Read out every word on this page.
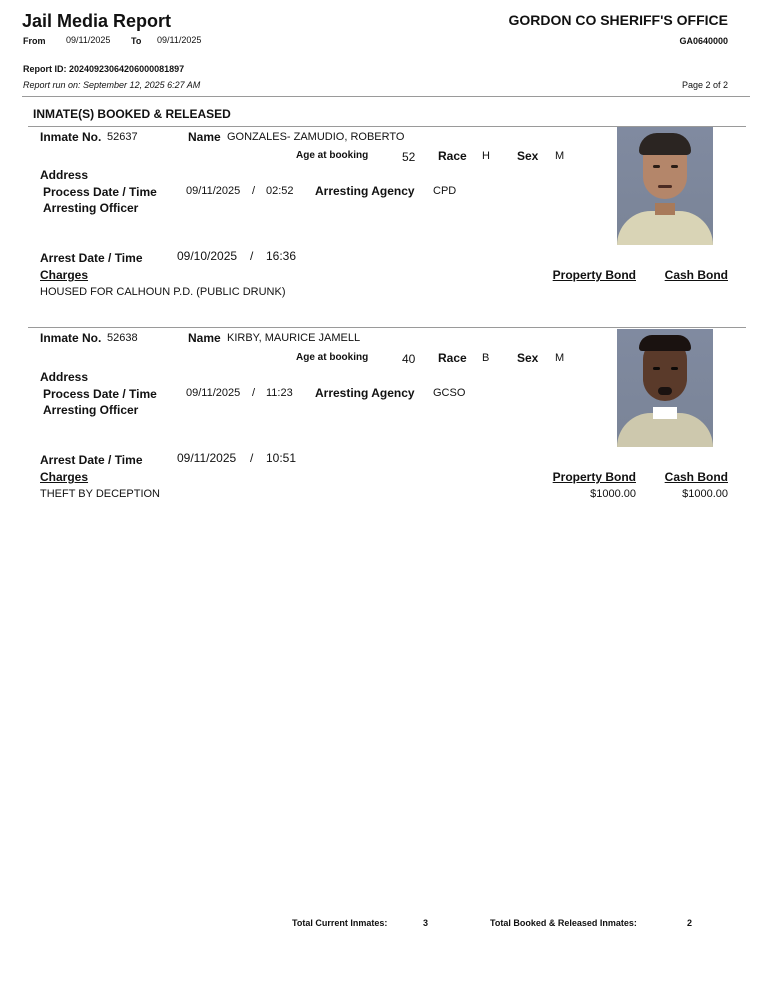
Jail Media Report	GORDON CO SHERIFF'S OFFICE
GA0640000
From 09/11/2025 To 09/11/2025
Report ID: 20240923064206000081897
Report run on: September 12, 2025 6:27 AM	Page 2 of 2
INMATE(S) BOOKED & RELEASED
Inmate No. 52637	Name GONZALES- ZAMUDIO, ROBERTO
Age at booking	52 Race H Sex M
Address
Process Date / Time	09/11/2025 / 02:52 Arresting Agency CPD
Arresting Officer
Arrest Date / Time	09/10/2025 / 16:36
Charges	Property Bond Cash Bond
HOUSED FOR CALHOUN P.D. (PUBLIC DRUNK)
Inmate No. 52638	Name KIRBY, MAURICE JAMELL
Age at booking	40 Race B Sex M
Address
Process Date / Time	09/11/2025 / 11:23 Arresting Agency GCSO
Arresting Officer
Arrest Date / Time	09/11/2025 / 10:51
Charges	Property Bond Cash Bond
THEFT BY DECEPTION	$1000.00	$1000.00
Total Current Inmates:	3	Total Booked & Released Inmates:	2
